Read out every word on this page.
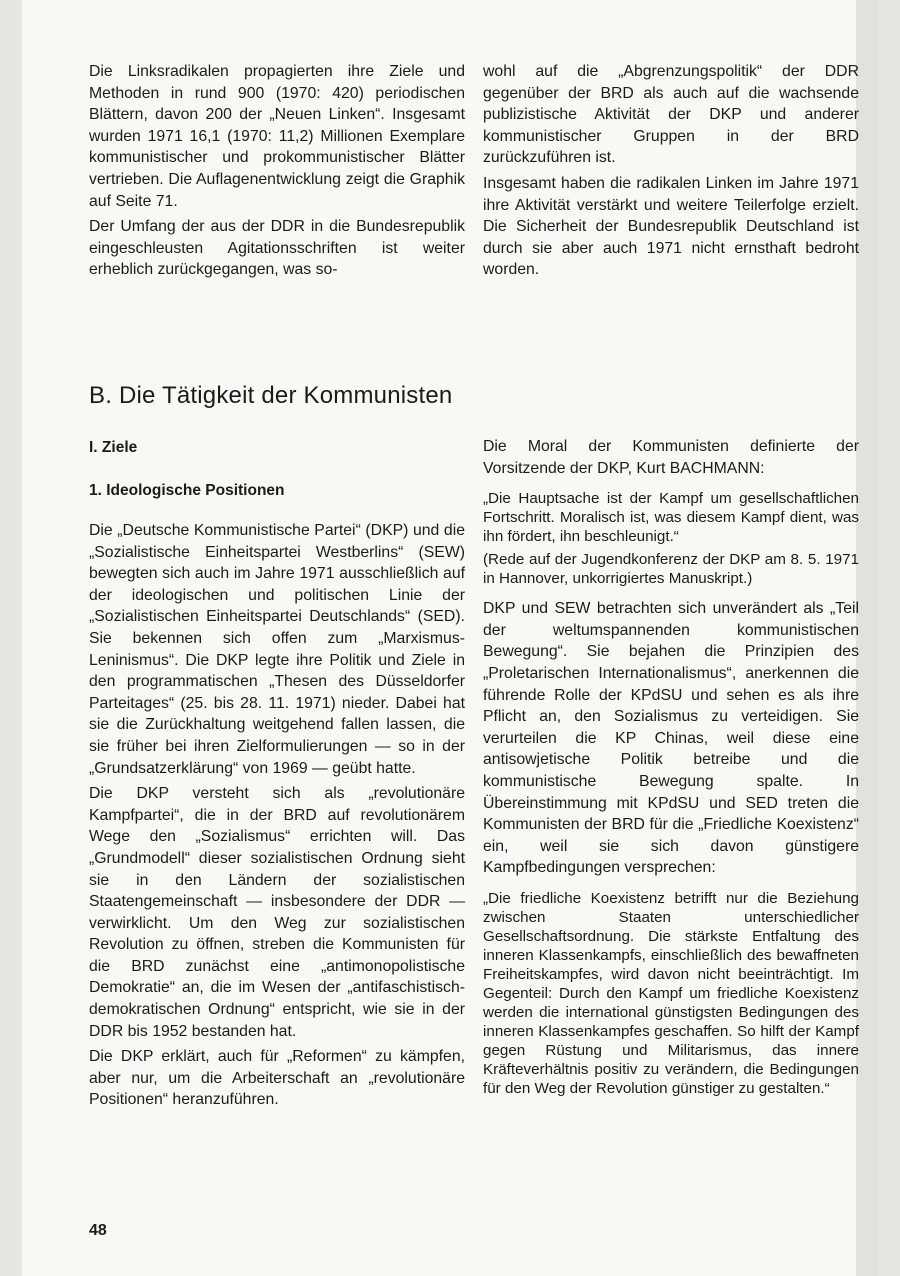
Die Linksradikalen propagierten ihre Ziele und Methoden in rund 900 (1970: 420) periodischen Blättern, davon 200 der „Neuen Linken“. Insgesamt wurden 1971 16,1 (1970: 11,2) Millionen Exemplare kommunistischer und prokommunistischer Blätter vertrieben. Die Auflagenentwicklung zeigt die Graphik auf Seite 71.

Der Umfang der aus der DDR in die Bundesrepublik eingeschleusten Agitationsschriften ist weiter erheblich zurückgegangen, was so-

wohl auf die „Abgrenzungspolitik“ der DDR gegenüber der BRD als auch auf die wachsende publizistische Aktivität der DKP und anderer kommunistischer Gruppen in der BRD zurückzuführen ist.

Insgesamt haben die radikalen Linken im Jahre 1971 ihre Aktivität verstärkt und weitere Teilerfolge erzielt. Die Sicherheit der Bundesrepublik Deutschland ist durch sie aber auch 1971 nicht ernsthaft bedroht worden.

B. Die Tätigkeit der Kommunisten
I. Ziele
1. Ideologische Positionen

Die „Deutsche Kommunistische Partei“ (DKP) und die „Sozialistische Einheitspartei Westberlins“ (SEW) bewegten sich auch im Jahre 1971 ausschließlich auf der ideologischen und politischen Linie der „Sozialistischen Einheitspartei Deutschlands“ (SED). Sie bekennen sich offen zum „Marxismus-Leninismus“. Die DKP legte ihre Politik und Ziele in den programmatischen „Thesen des Düsseldorfer Parteitages“ (25. bis 28. 11. 1971) nieder. Dabei hat sie die Zurückhaltung weitgehend fallen lassen, die sie früher bei ihren Zielformulierungen — so in der „Grundsatzerklärung“ von 1969 — geübt hatte.

Die DKP versteht sich als „revolutionäre Kampfpartei“, die in der BRD auf revolutionärem Wege den „Sozialismus“ errichten will. Das „Grundmodell“ dieser sozialistischen Ordnung sieht sie in den Ländern der sozialistischen Staatengemeinschaft — insbesondere der DDR — verwirklicht. Um den Weg zur sozialistischen Revolution zu öffnen, streben die Kommunisten für die BRD zunächst eine „antimonopolistische Demokratie“ an, die im Wesen der „antifaschistisch-demokratischen Ordnung“ entspricht, wie sie in der DDR bis 1952 bestanden hat.

Die DKP erklärt, auch für „Reformen“ zu kämpfen, aber nur, um die Arbeiterschaft an „revolutionäre Positionen“ heranzuführen.

Die Moral der Kommunisten definierte der Vorsitzende der DKP, Kurt BACHMANN:

„Die Hauptsache ist der Kampf um gesellschaftlichen Fortschritt. Moralisch ist, was diesem Kampf dient, was ihn fördert, ihn beschleunigt.“

(Rede auf der Jugendkonferenz der DKP am 8. 5. 1971 in Hannover, unkorrigiertes Manuskript.)

DKP und SEW betrachten sich unverändert als „Teil der weltumspannenden kommunistischen Bewegung“. Sie bejahen die Prinzipien des „Proletarischen Internationalismus“, anerkennen die führende Rolle der KPdSU und sehen es als ihre Pflicht an, den Sozialismus zu verteidigen. Sie verurteilen die KP Chinas, weil diese eine antisowjetische Politik betreibe und die kommunistische Bewegung spalte. In Übereinstimmung mit KPdSU und SED treten die Kommunisten der BRD für die „Friedliche Koexistenz“ ein, weil sie sich davon günstigere Kampfbedingungen versprechen:

„Die friedliche Koexistenz betrifft nur die Beziehung zwischen Staaten unterschiedlicher Gesellschaftsordnung. Die stärkste Entfaltung des inneren Klassenkampfs, einschließlich des bewaffneten Freiheitskampfes, wird davon nicht beeinträchtigt. Im Gegenteil: Durch den Kampf um friedliche Koexistenz werden die international günstigsten Bedingungen des inneren Klassenkampfes geschaffen. So hilft der Kampf gegen Rüstung und Militarismus, das innere Kräfteverhältnis positiv zu verändern, die Bedingungen für den Weg der Revolution günstiger zu gestalten.“

48
